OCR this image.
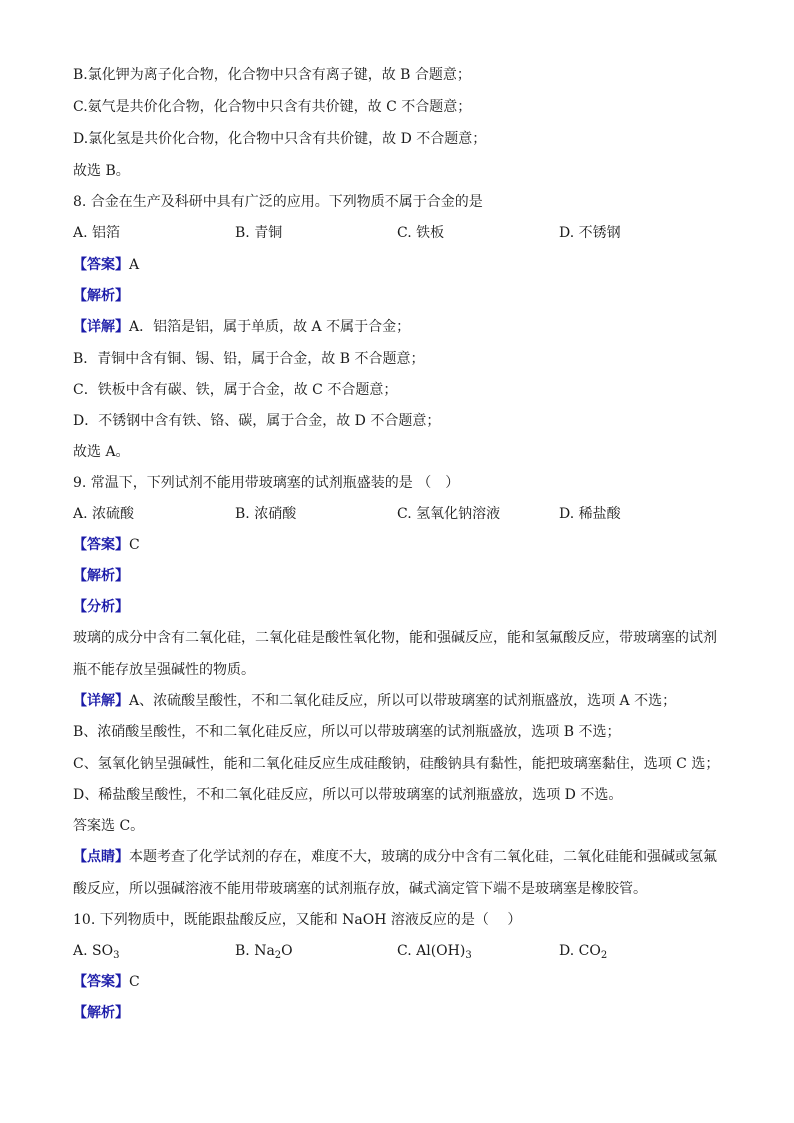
B.氯化钾为离子化合物，化合物中只含有离子键，故 B 合题意；
C.氨气是共价化合物，化合物中只含有共价键，故 C 不合题意；
D.氯化氢是共价化合物，化合物中只含有共价键，故 D 不合题意；
故选 B。
8. 合金在生产及科研中具有广泛的应用。下列物质不属于合金的是
A. 铝箔	B. 青铜	C. 铁板	D. 不锈钢
【答案】A
【解析】
【详解】A．铝箔是铝，属于单质，故 A 不属于合金；
B．青铜中含有铜、锡、铅，属于合金，故 B 不合题意；
C．铁板中含有碳、铁，属于合金，故 C 不合题意；
D．不锈钢中含有铁、铬、碳，属于合金，故 D 不合题意；
故选 A。
9. 常温下，下列试剂不能用带玻璃塞的试剂瓶盛装的是 （　）
A. 浓硫酸	B. 浓硝酸	C. 氢氧化钠溶液	D. 稀盐酸
【答案】C
【解析】
【分析】
玻璃的成分中含有二氧化硅，二氧化硅是酸性氧化物，能和强碱反应，能和氢氟酸反应，带玻璃塞的试剂瓶不能存放呈强碱性的物质。
【详解】A、浓硫酸呈酸性，不和二氧化硅反应，所以可以带玻璃塞的试剂瓶盛放，选项 A 不选；
B、浓硝酸呈酸性，不和二氧化硅反应，所以可以带玻璃塞的试剂瓶盛放，选项 B 不选；
C、氢氧化钠呈强碱性，能和二氧化硅反应生成硅酸钠，硅酸钠具有黏性，能把玻璃塞黏住，选项 C 选；
D、稀盐酸呈酸性，不和二氧化硅反应，所以可以带玻璃塞的试剂瓶盛放，选项 D 不选。
答案选 C。
【点睛】本题考查了化学试剂的存在，难度不大，玻璃的成分中含有二氧化硅，二氧化硅能和强碱或氢氟酸反应，所以强碱溶液不能用带玻璃塞的试剂瓶存放，碱式滴定管下端不是玻璃塞是橡胶管。
10. 下列物质中，既能跟盐酸反应，又能和 NaOH 溶液反应的是（　 ）
A. $SO_3$	B. $Na_2O$	C. $Al(OH)_3$	D. $CO_2$
【答案】C
【解析】
